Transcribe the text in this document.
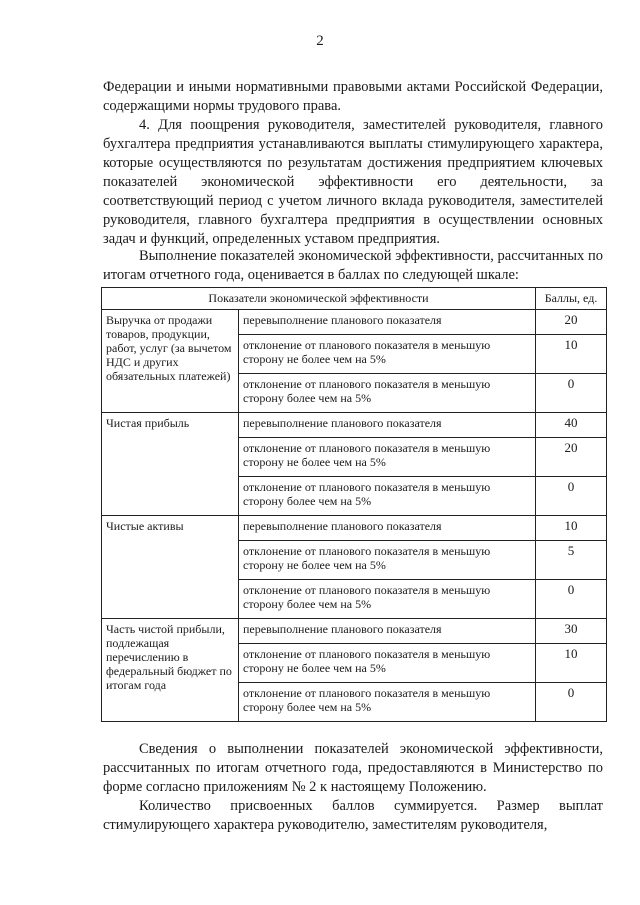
2

Федерации и иными нормативными правовыми актами Российской Федерации, содержащими нормы трудового права.

4. Для поощрения руководителя, заместителей руководителя, главного бухгалтера предприятия устанавливаются выплаты стимулирующего характера, которые осуществляются по результатам достижения предприятием ключевых показателей экономической эффективности его деятельности, за соответствующий период с учетом личного вклада руководителя, заместителей руководителя, главного бухгалтера предприятия в осуществлении основных задач и функций, определенных уставом предприятия.

Выполнение показателей экономической эффективности, рассчитанных по итогам отчетного года, оценивается в баллах по следующей шкале:

Показатели экономической эффективности		Баллы, ед.
Выручка от продажи товаров, продукции, работ, услуг (за вычетом НДС и других обязательных платежей)	перевыполнение планового показателя	20
	отклонение от планового показателя в меньшую сторону не более чем на 5%	10
	отклонение от планового показателя в меньшую сторону более чем на 5%	0
Чистая прибыль	перевыполнение планового показателя	40
	отклонение от планового показателя в меньшую сторону не более чем на 5%	20
	отклонение от планового показателя в меньшую сторону более чем на 5%	0
Чистые активы	перевыполнение планового показателя	10
	отклонение от планового показателя в меньшую сторону не более чем на 5%	5
	отклонение от планового показателя в меньшую сторону более чем на 5%	0
Часть чистой прибыли, подлежащая перечислению в федеральный бюджет по итогам года	перевыполнение планового показателя	30
	отклонение от планового показателя в меньшую сторону не более чем на 5%	10
	отклонение от планового показателя в меньшую сторону более чем на 5%	0

Сведения о выполнении показателей экономической эффективности, рассчитанных по итогам отчетного года, предоставляются в Министерство по форме согласно приложениям № 2 к настоящему Положению.

Количество присвоенных баллов суммируется. Размер выплат стимулирующего характера руководителю, заместителям руководителя,
